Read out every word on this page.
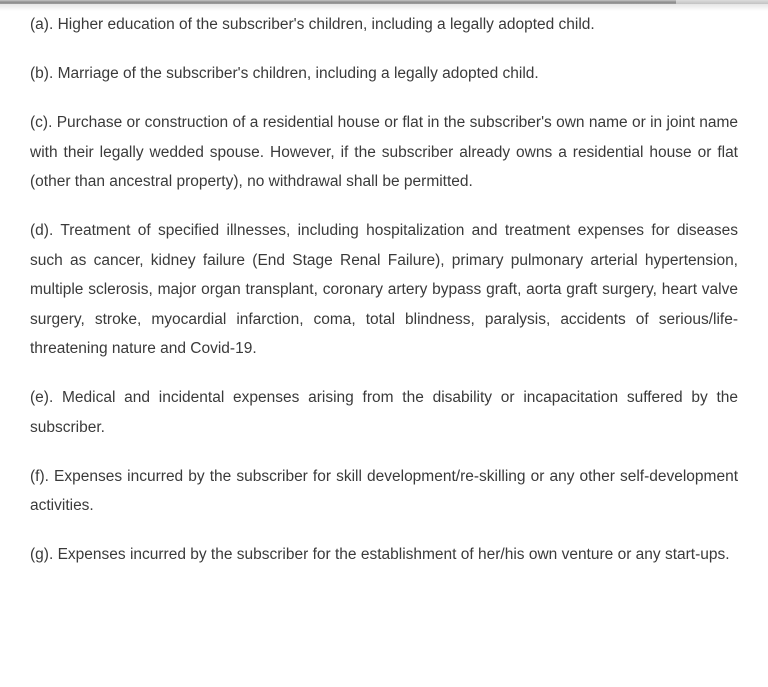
(a). Higher education of the subscriber's children, including a legally adopted child.

(b). Marriage of the subscriber's children, including a legally adopted child.

(c). Purchase or construction of a residential house or flat in the subscriber's own name or in joint name with their legally wedded spouse. However, if the subscriber already owns a residential house or flat (other than ancestral property), no withdrawal shall be permitted.

(d). Treatment of specified illnesses, including hospitalization and treatment expenses for diseases such as cancer, kidney failure (End Stage Renal Failure), primary pulmonary arterial hypertension, multiple sclerosis, major organ transplant, coronary artery bypass graft, aorta graft surgery, heart valve surgery, stroke, myocardial infarction, coma, total blindness, paralysis, accidents of serious/life-threatening nature and Covid-19.

(e). Medical and incidental expenses arising from the disability or incapacitation suffered by the subscriber.

(f). Expenses incurred by the subscriber for skill development/re-skilling or any other self-development activities.

(g). Expenses incurred by the subscriber for the establishment of her/his own venture or any start-ups.
